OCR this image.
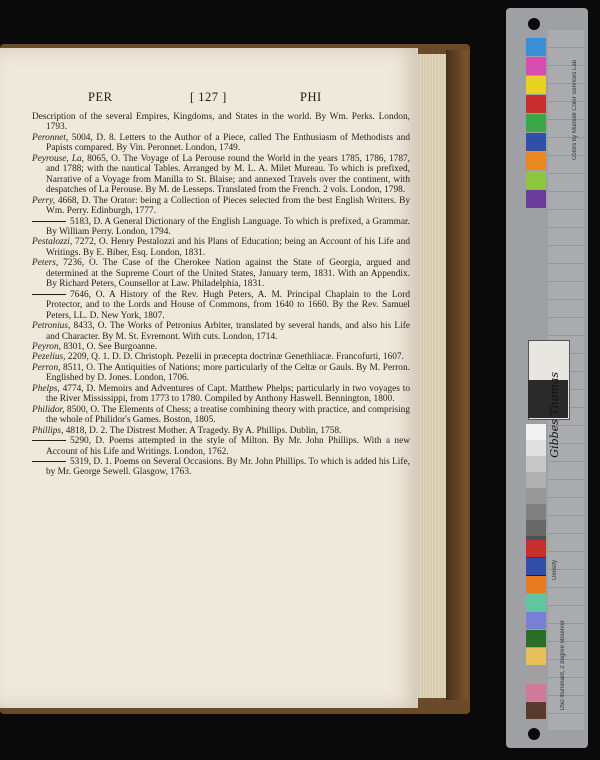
PER	[ 127 ]	PHI

Description of the several Empires, Kingdoms, and States in the world. By Wm. Perks. London, 1793.

Peronnet, 5004, D. 8. Letters to the Author of a Piece, called The Enthusiasm of Methodists and Papists compared. By Vin. Peronnet. London, 1749.

Peyrouse, La, 8065, O. The Voyage of La Perouse round the World in the years 1785, 1786, 1787, and 1788; with the nautical Tables. Arranged by M. L. A. Milet Mureau. To which is prefixed, Narrative of a Voyage from Manilla to St. Blaise; and annexed Travels over the continent, with despatches of La Perouse. By M. de Lesseps. Translated from the French. 2 vols. London, 1798.

Perry, 4668, D. The Orator: being a Collection of Pieces selected from the best English Writers. By Wm. Perry. Edinburgh, 1777.

5183, D. A General Dictionary of the English Language. To which is prefixed, a Grammar. By William Perry. London, 1794.

Pestalozzi, 7272, O. Henry Pestalozzi and his Plans of Education; being an Account of his Life and Writings. By E. Biber, Esq. London, 1831.

Peters, 7236, O. The Case of the Cherokee Nation against the State of Georgia, argued and determined at the Supreme Court of the United States, January term, 1831. With an Appendix. By Richard Peters, Counsellor at Law. Philadelphia, 1831.

7646, O. A History of the Rev. Hugh Peters, A. M. Principal Chaplain to the Lord Protector, and to the Lords and House of Commons, from 1640 to 1660. By the Rev. Samuel Peters, LL. D. New York, 1807.

Petronius, 8433, O. The Works of Petronius Arbiter, translated by several hands, and also his Life and Character. By M. St. Evremont. With cuts. London, 1714.

Peyron, 8301, O. See Burgoanne.

Pezelius, 2209, Q. 1. D. D. Christoph. Pezelii in præcepta doctrinæ Genethliacæ. Francofurti, 1607.

Perron, 8511, O. The Antiquities of Nations; more particularly of the Celtæ or Gauls. By M. Perron. Englished by D. Jones. London, 1706.

Phelps, 4774, D. Memoirs and Adventures of Capt. Matthew Phelps; particularly in two voyages to the River Mississippi, from 1773 to 1780. Compiled by Anthony Haswell. Bennington, 1800.

Philidor, 8500, O. The Elements of Chess; a treatise combining theory with practice, and comprising the whole of Philidor's Games. Boston, 1805.

Phillips, 4818, D. 2. The Distrest Mother. A Tragedy. By A. Phillips. Dublin, 1758.

5290, D. Poems attempted in the style of Milton. By Mr. John Phillips. With a new Account of his Life and Writings. London, 1762.

5319, D. 1. Poems on Several Occasions. By Mr. John Phillips. To which is added his Life, by Mr. George Sewell. Glasgow, 1763.

Gibbes Thomas
Colors by Munsell Color Services Lab
Density
D50 Illuminant, 2 degree observer
